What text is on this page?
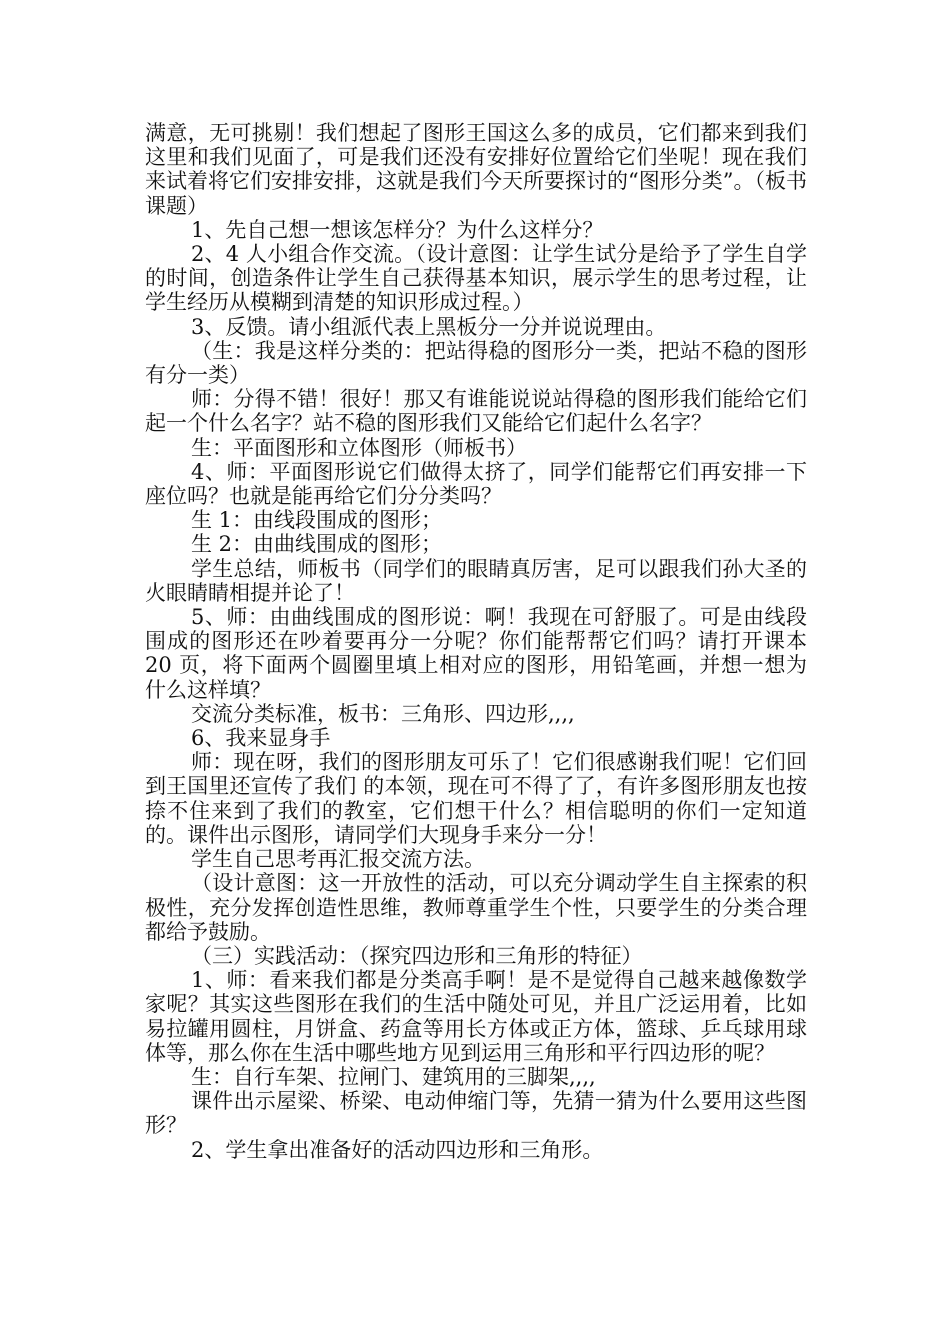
满意，无可挑剔！我们想起了图形王国这么多的成员，它们都来到我们这里和我们见面了，可是我们还没有安排好位置给它们坐呢！现在我们来试着将它们安排安排，这就是我们今天所要探讨的“图形分类”。（板书课题）

1、先自己想一想该怎样分？为什么这样分？

2、4 人小组合作交流。（设计意图：让学生试分是给予了学生自学的时间，创造条件让学生自己获得基本知识，展示学生的思考过程，让学生经历从模糊到清楚的知识形成过程。）

3、反馈。请小组派代表上黑板分一分并说说理由。

（生：我是这样分类的：把站得稳的图形分一类，把站不稳的图形有分一类）

师：分得不错！很好！那又有谁能说说站得稳的图形我们能给它们起一个什么名字？站不稳的图形我们又能给它们起什么名字？

生：平面图形和立体图形（师板书）

4、师：平面图形说它们做得太挤了，同学们能帮它们再安排一下座位吗？也就是能再给它们分分类吗？

生 1：由线段围成的图形；

生 2：由曲线围成的图形；

学生总结，师板书（同学们的眼睛真厉害，足可以跟我们孙大圣的火眼睛睛相提并论了！

5、师：由曲线围成的图形说：啊！我现在可舒服了。可是由线段围成的图形还在吵着要再分一分呢？你们能帮帮它们吗？请打开课本 20 页，将下面两个圆圈里填上相对应的图形，用铅笔画，并想一想为什么这样填？

交流分类标准，板书：三角形、四边形,,,,

6、我来显身手

师：现在呀，我们的图形朋友可乐了！它们很感谢我们呢！它们回到王国里还宣传了我们 的本领，现在可不得了了，有许多图形朋友也按捺不住来到了我们的教室，它们想干什么？相信聪明的你们一定知道的。课件出示图形，请同学们大现身手来分一分！

学生自己思考再汇报交流方法。

（设计意图：这一开放性的活动，可以充分调动学生自主探索的积极性，充分发挥创造性思维，教师尊重学生个性，只要学生的分类合理都给予鼓励。

（三）实践活动：（探究四边形和三角形的特征）

1、师：看来我们都是分类高手啊！是不是觉得自己越来越像数学家呢？其实这些图形在我们的生活中随处可见，并且广泛运用着，比如易拉罐用圆柱，月饼盒、药盒等用长方体或正方体，篮球、乒乓球用球体等，那么你在生活中哪些地方见到运用三角形和平行四边形的呢？

生：自行车架、拉闸门、建筑用的三脚架,,,,

课件出示屋梁、桥梁、电动伸缩门等，先猜一猜为什么要用这些图形？

2、学生拿出准备好的活动四边形和三角形。
